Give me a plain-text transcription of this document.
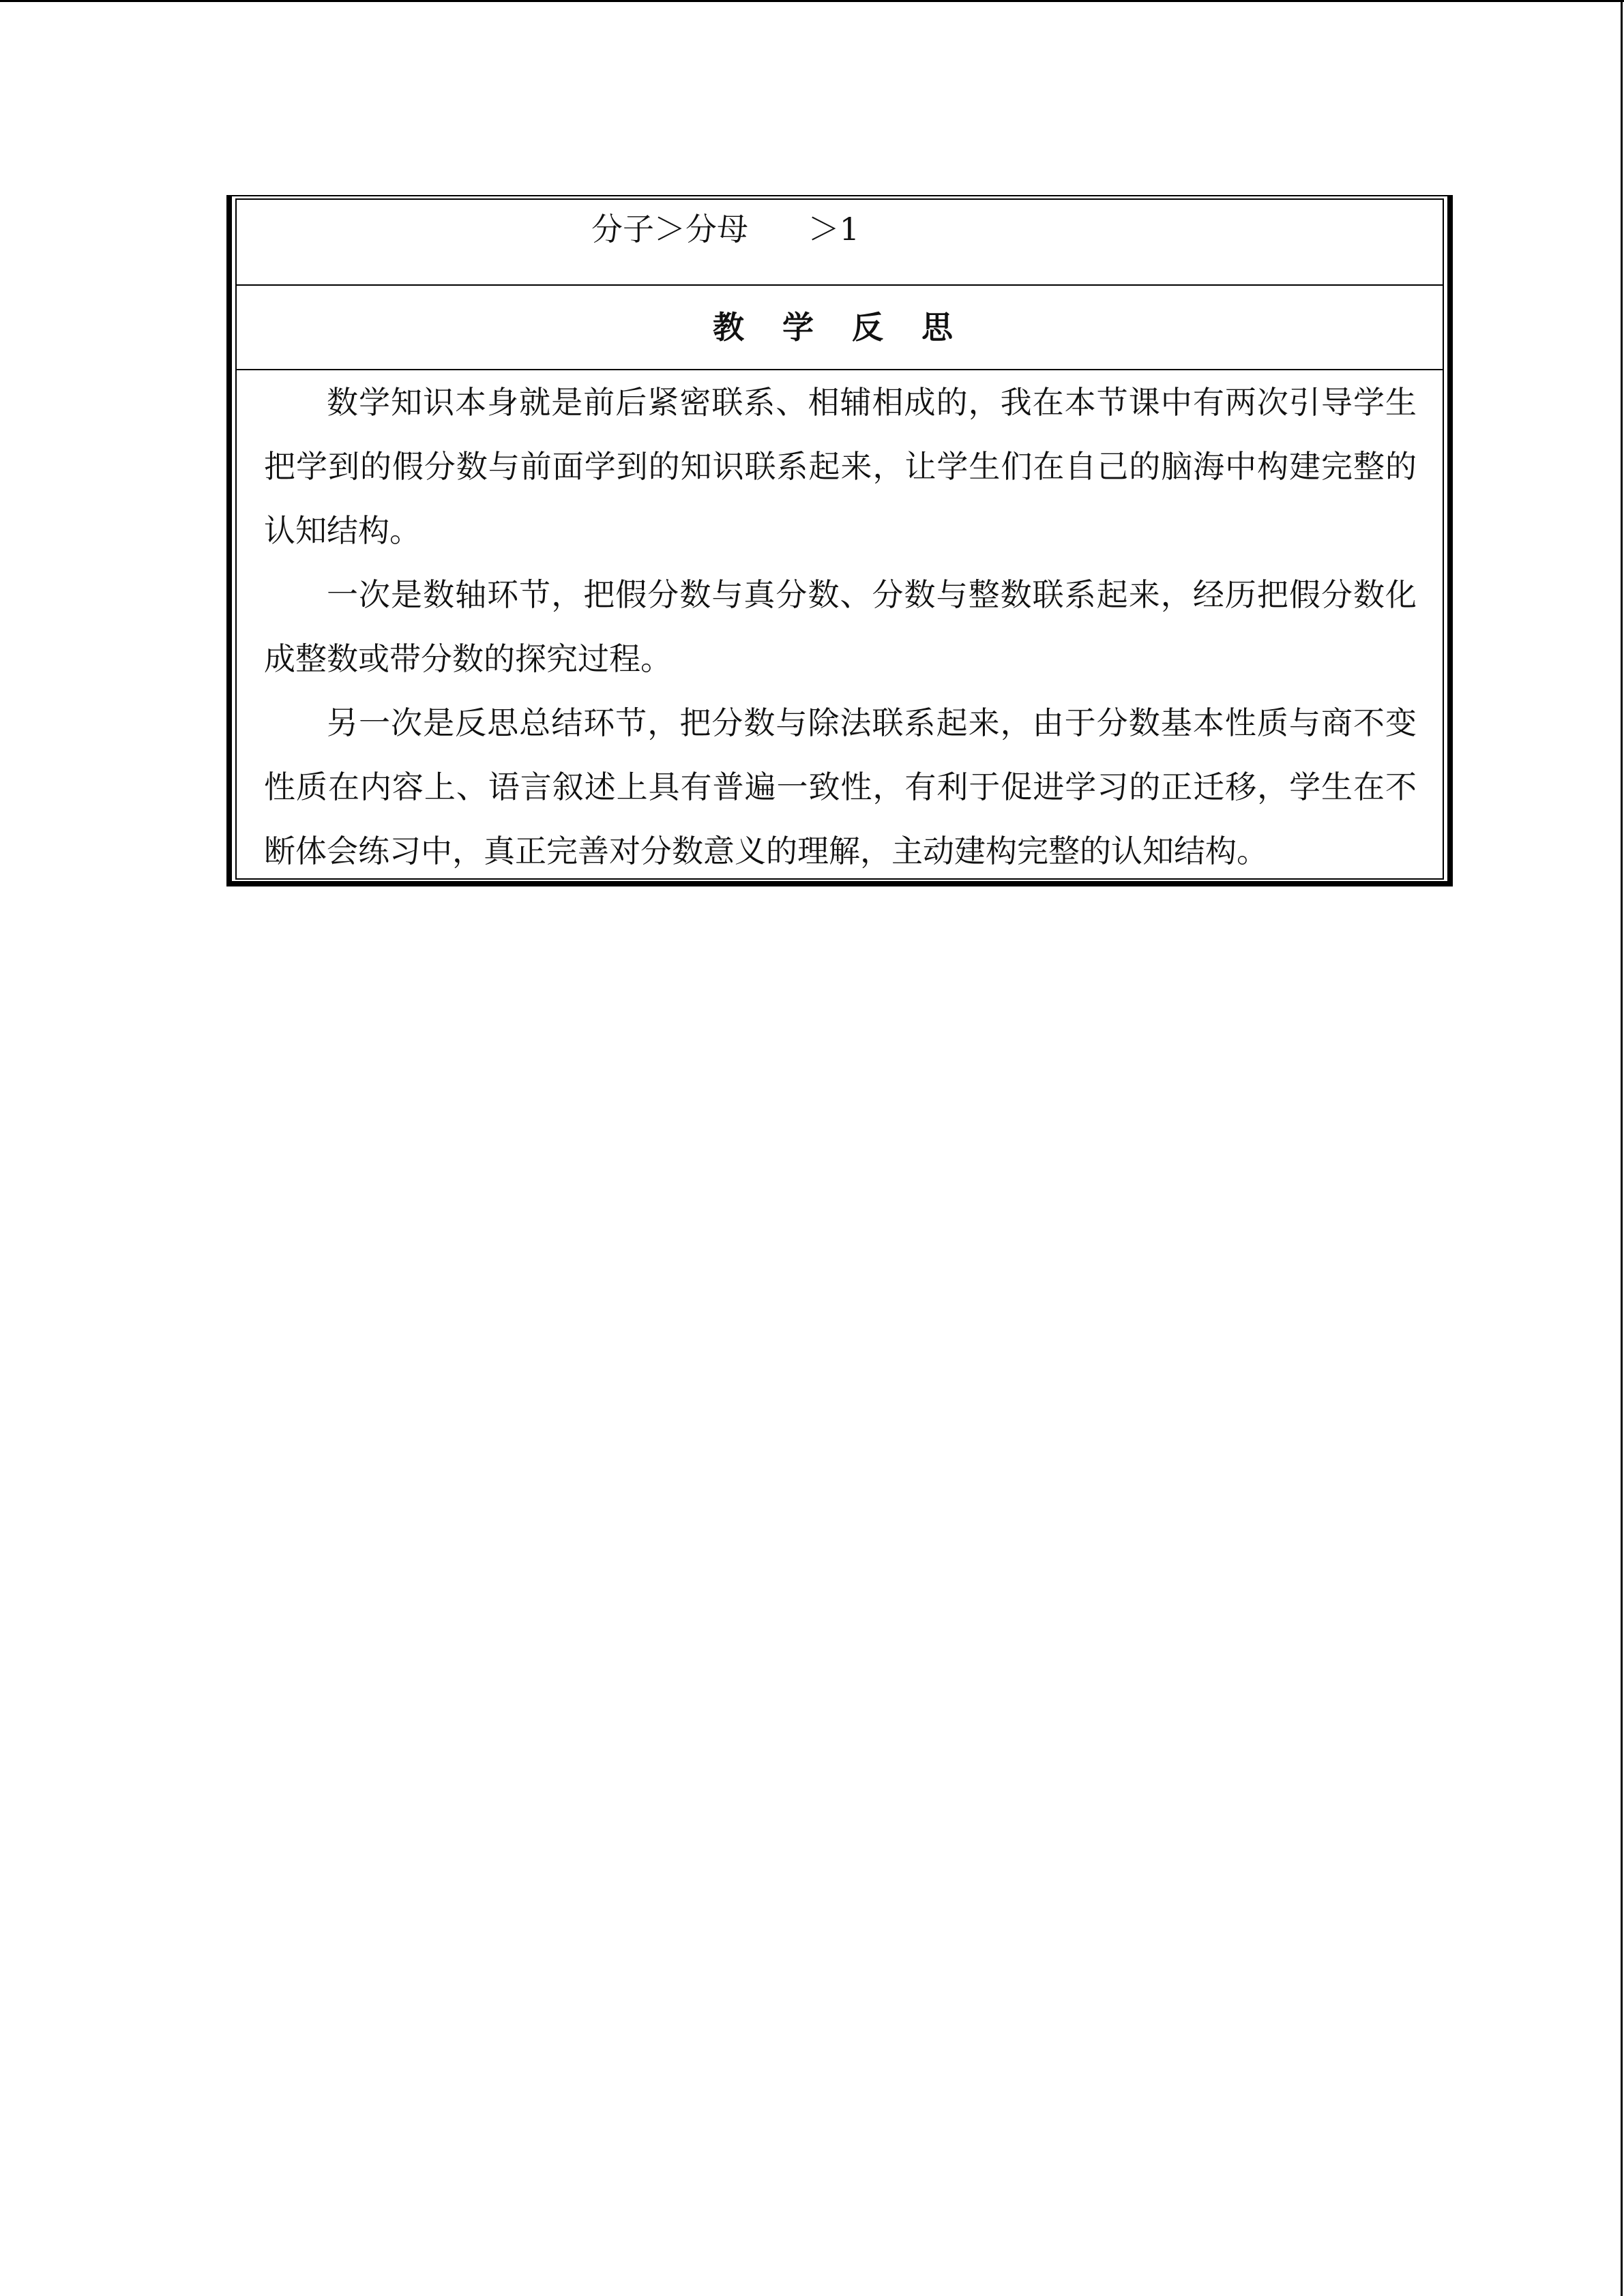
分子＞分母      ＞1
教 学 反 思

数学知识本身就是前后紧密联系、相辅相成的，我在本节课中有两次引导学生把学到的假分数与前面学到的知识联系起来，让学生们在自己的脑海中构建完整的认知结构。

一次是数轴环节，把假分数与真分数、分数与整数联系起来，经历把假分数化成整数或带分数的探究过程。

另一次是反思总结环节，把分数与除法联系起来，由于分数基本性质与商不变性质在内容上、语言叙述上具有普遍一致性，有利于促进学习的正迁移，学生在不断体会练习中，真正完善对分数意义的理解，主动建构完整的认知结构。
